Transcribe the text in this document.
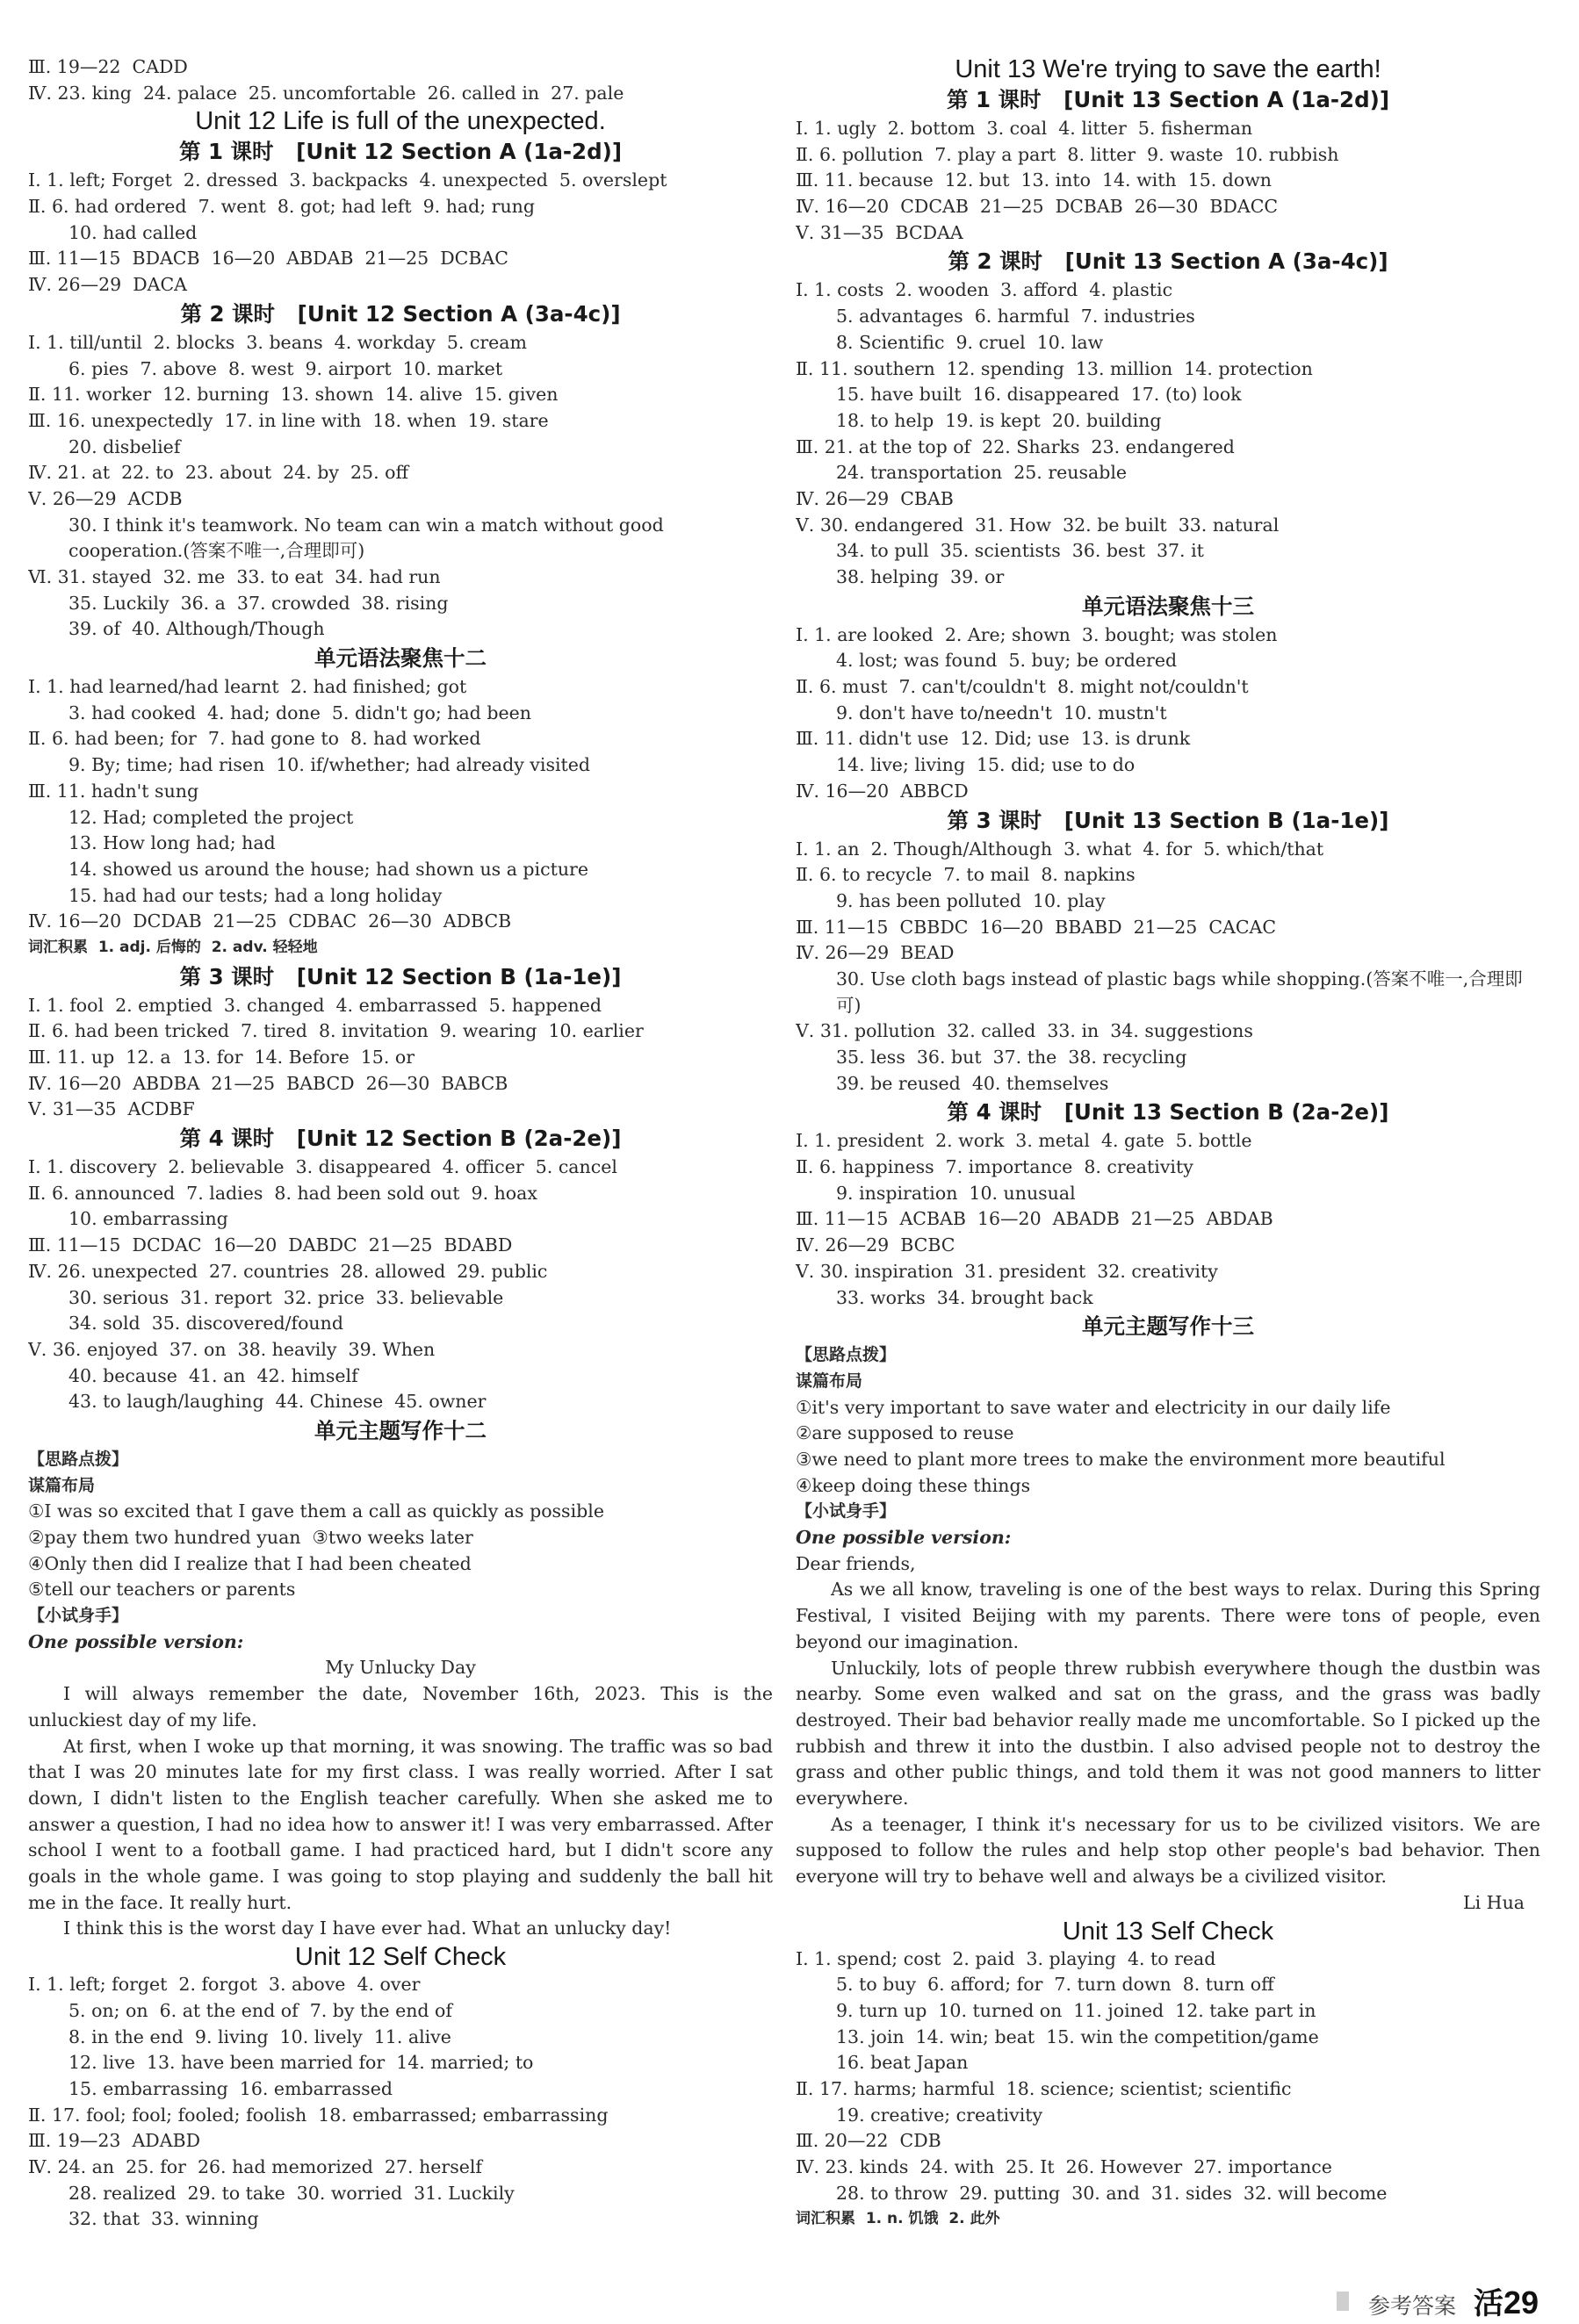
Ⅲ. 19—22  CADD
Ⅳ. 23. king  24. palace  25. uncomfortable  26. called in  27. pale
Unit 12 Life is full of the unexpected.
第 1 课时   [Unit 12 Section A (1a-2d)]
Ⅰ. 1. left; Forget  2. dressed  3. backpacks  4. unexpected  5. overslept
Ⅱ. 6. had ordered  7. went  8. got; had left  9. had; rung
10. had called
Ⅲ. 11—15  BDACB  16—20  ABDAB  21—25  DCBAC
Ⅳ. 26—29  DACA
第 2 课时   [Unit 12 Section A (3a-4c)]
Ⅰ. 1. till/until  2. blocks  3. beans  4. workday  5. cream
6. pies  7. above  8. west  9. airport  10. market
Ⅱ. 11. worker  12. burning  13. shown  14. alive  15. given
Ⅲ. 16. unexpectedly  17. in line with  18. when  19. stare
20. disbelief
Ⅳ. 21. at  22. to  23. about  24. by  25. off
Ⅴ. 26—29  ACDB
30. I think it's teamwork. No team can win a match without good cooperation.(答案不唯一,合理即可)
Ⅵ. 31. stayed  32. me  33. to eat  34. had run
35. Luckily  36. a  37. crowded  38. rising
39. of  40. Although/Though
单元语法聚焦十二
Ⅰ. 1. had learned/had learnt  2. had finished; got
3. had cooked  4. had; done  5. didn't go; had been
Ⅱ. 6. had been; for  7. had gone to  8. had worked
9. By; time; had risen  10. if/whether; had already visited
Ⅲ. 11. hadn't sung
12. Had; completed the project
13. How long had; had
14. showed us around the house; had shown us a picture
15. had had our tests; had a long holiday
Ⅳ. 16—20  DCDAB  21—25  CDBAC  26—30  ADBCB
词汇积累  1. adj. 后悔的  2. adv. 轻轻地
第 3 课时   [Unit 12 Section B (1a-1e)]
Ⅰ. 1. fool  2. emptied  3. changed  4. embarrassed  5. happened
Ⅱ. 6. had been tricked  7. tired  8. invitation  9. wearing  10. earlier
Ⅲ. 11. up  12. a  13. for  14. Before  15. or
Ⅳ. 16—20  ABDBA  21—25  BABCD  26—30  BABCB
Ⅴ. 31—35  ACDBF
第 4 课时   [Unit 12 Section B (2a-2e)]
Ⅰ. 1. discovery  2. believable  3. disappeared  4. officer  5. cancel
Ⅱ. 6. announced  7. ladies  8. had been sold out  9. hoax
10. embarrassing
Ⅲ. 11—15  DCDAC  16—20  DABDC  21—25  BDABD
Ⅳ. 26. unexpected  27. countries  28. allowed  29. public
30. serious  31. report  32. price  33. believable
34. sold  35. discovered/found
Ⅴ. 36. enjoyed  37. on  38. heavily  39. When
40. because  41. an  42. himself
43. to laugh/laughing  44. Chinese  45. owner
单元主题写作十二
【思路点拨】
谋篇布局
①I was so excited that I gave them a call as quickly as possible
②pay them two hundred yuan  ③two weeks later
④Only then did I realize that I had been cheated
⑤tell our teachers or parents
【小试身手】
One possible version:
My Unlucky Day
I will always remember the date, November 16th, 2023. This is the unluckiest day of my life.
At first, when I woke up that morning, it was snowing. The traffic was so bad that I was 20 minutes late for my first class. I was really worried. After I sat down, I didn't listen to the English teacher carefully. When she asked me to answer a question, I had no idea how to answer it! I was very embarrassed. After school I went to a football game. I had practiced hard, but I didn't score any goals in the whole game. I was going to stop playing and suddenly the ball hit me in the face. It really hurt.
I think this is the worst day I have ever had. What an unlucky day!
Unit 12 Self Check
Ⅰ. 1. left; forget  2. forgot  3. above  4. over
5. on; on  6. at the end of  7. by the end of
8. in the end  9. living  10. lively  11. alive
12. live  13. have been married for  14. married; to
15. embarrassing  16. embarrassed
Ⅱ. 17. fool; fool; fooled; foolish  18. embarrassed; embarrassing
Ⅲ. 19—23  ADABD
Ⅳ. 24. an  25. for  26. had memorized  27. herself
28. realized  29. to take  30. worried  31. Luckily
32. that  33. winning
Unit 13 We're trying to save the earth!
第 1 课时   [Unit 13 Section A (1a-2d)]
Ⅰ. 1. ugly  2. bottom  3. coal  4. litter  5. fisherman
Ⅱ. 6. pollution  7. play a part  8. litter  9. waste  10. rubbish
Ⅲ. 11. because  12. but  13. into  14. with  15. down
Ⅳ. 16—20  CDCAB  21—25  DCBAB  26—30  BDACC
Ⅴ. 31—35  BCDAA
第 2 课时   [Unit 13 Section A (3a-4c)]
Ⅰ. 1. costs  2. wooden  3. afford  4. plastic
5. advantages  6. harmful  7. industries
8. Scientific  9. cruel  10. law
Ⅱ. 11. southern  12. spending  13. million  14. protection
15. have built  16. disappeared  17. (to) look
18. to help  19. is kept  20. building
Ⅲ. 21. at the top of  22. Sharks  23. endangered
24. transportation  25. reusable
Ⅳ. 26—29  CBAB
Ⅴ. 30. endangered  31. How  32. be built  33. natural
34. to pull  35. scientists  36. best  37. it
38. helping  39. or
单元语法聚焦十三
Ⅰ. 1. are looked  2. Are; shown  3. bought; was stolen
4. lost; was found  5. buy; be ordered
Ⅱ. 6. must  7. can't/couldn't  8. might not/couldn't
9. don't have to/needn't  10. mustn't
Ⅲ. 11. didn't use  12. Did; use  13. is drunk
14. live; living  15. did; use to do
Ⅳ. 16—20  ABBCD
第 3 课时   [Unit 13 Section B (1a-1e)]
Ⅰ. 1. an  2. Though/Although  3. what  4. for  5. which/that
Ⅱ. 6. to recycle  7. to mail  8. napkins
9. has been polluted  10. play
Ⅲ. 11—15  CBBDC  16—20  BBABD  21—25  CACAC
Ⅳ. 26—29  BEAD
30. Use cloth bags instead of plastic bags while shopping.(答案不唯一,合理即可)
Ⅴ. 31. pollution  32. called  33. in  34. suggestions
35. less  36. but  37. the  38. recycling
39. be reused  40. themselves
第 4 课时   [Unit 13 Section B (2a-2e)]
Ⅰ. 1. president  2. work  3. metal  4. gate  5. bottle
Ⅱ. 6. happiness  7. importance  8. creativity
9. inspiration  10. unusual
Ⅲ. 11—15  ACBAB  16—20  ABADB  21—25  ABDAB
Ⅳ. 26—29  BCBC
Ⅴ. 30. inspiration  31. president  32. creativity
33. works  34. brought back
单元主题写作十三
【思路点拨】
谋篇布局
①it's very important to save water and electricity in our daily life
②are supposed to reuse
③we need to plant more trees to make the environment more beautiful
④keep doing these things
【小试身手】
One possible version:
Dear friends,
As we all know, traveling is one of the best ways to relax. During this Spring Festival, I visited Beijing with my parents. There were tons of people, even beyond our imagination.
Unluckily, lots of people threw rubbish everywhere though the dustbin was nearby. Some even walked and sat on the grass, and the grass was badly destroyed. Their bad behavior really made me uncomfortable. So I picked up the rubbish and threw it into the dustbin. I also advised people not to destroy the grass and other public things, and told them it was not good manners to litter everywhere.
As a teenager, I think it's necessary for us to be civilized visitors. We are supposed to follow the rules and help stop other people's bad behavior. Then everyone will try to behave well and always be a civilized visitor.
Li Hua
Unit 13 Self Check
Ⅰ. 1. spend; cost  2. paid  3. playing  4. to read
5. to buy  6. afford; for  7. turn down  8. turn off
9. turn up  10. turned on  11. joined  12. take part in
13. join  14. win; beat  15. win the competition/game
16. beat Japan
Ⅱ. 17. harms; harmful  18. science; scientist; scientific
19. creative; creativity
Ⅲ. 20—22  CDB
Ⅳ. 23. kinds  24. with  25. It  26. However  27. importance
28. to throw  29. putting  30. and  31. sides  32. will become
词汇积累  1. n. 饥饿  2. 此外
参考答案 活29
